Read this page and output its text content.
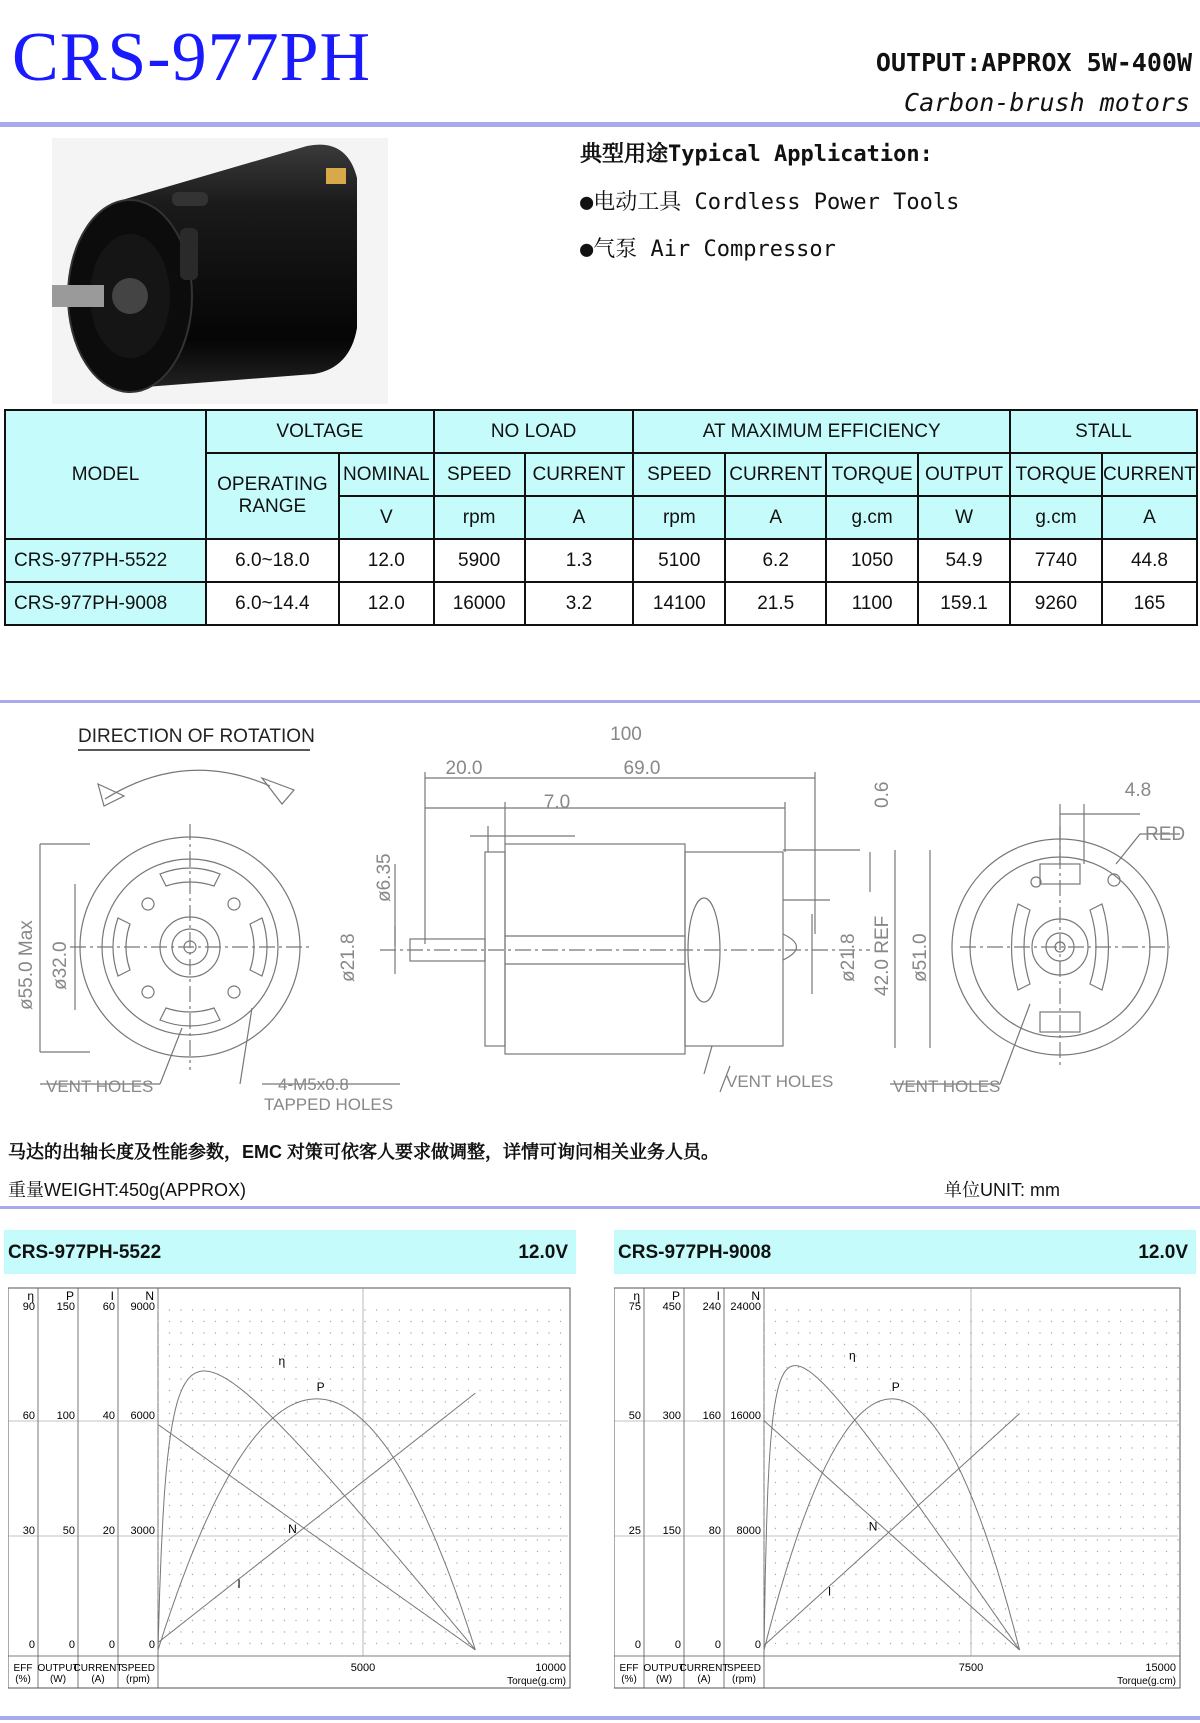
CRS-977PH	OUTPUT:APPROX 5W-400W
Carbon-brush motors
典型用途Typical Application:
●电动工具 Cordless Power Tools
●气泵 Air Compressor
MODEL	VOLTAGE		NO LOAD		AT MAXIMUM EFFICIENCY				STALL	
	OPERATING	NOMINAL	SPEED	CURRENT	SPEED	CURRENT	TORQUE	OUTPUT	TORQUE	CURRENT
	RANGE	V	rpm	A	rpm	A	g.cm	W	g.cm	A
CRS-977PH-5522	6.0~18.0	12.0	5900	1.3	5100	6.2	1050	54.9	7740	44.8
CRS-977PH-9008	6.0~14.4	12.0	16000	3.2	14100	21.5	1100	159.1	9260	165
100
20.0	69.0
7.0
4.8
RED
0.6
ø6.35
ø21.8	ø21.8 42.0 REF ø51.0
ø55.0 Max ø32.0
VENT HOLES	4-M5x0.8
TAPPED HOLES
VENT HOLES	VENT HOLES
DIRECTION OF ROTATION
马达的出轴长度及性能参数，EMC 对策可依客人要求做调整，详情可询问相关业务人员。
重量WEIGHT:450g(APPROX)	单位UNIT: mm
CRS-977PH-5522	12.0V	CRS-977PH-9008	12.0V
η
0
30
60
90
EFF
(%)
P
0
50
100
150
OUTPUT
(W)
I
0
20
40
60
CURRENT
(A)
N
0
3000
6000
9000
SPEED
(rpm)
5000	10000
Torque(g.cm)
η
P
N
I
η
0
25
50
75
EFF
(%)
P
0
150
300
450
OUTPUT
(W)
I
0
80
160
240
CURRENT
(A)
N
0
8000
16000
24000
SPEED
(rpm)
7500	15000
Torque(g.cm)
η
P
N
I
